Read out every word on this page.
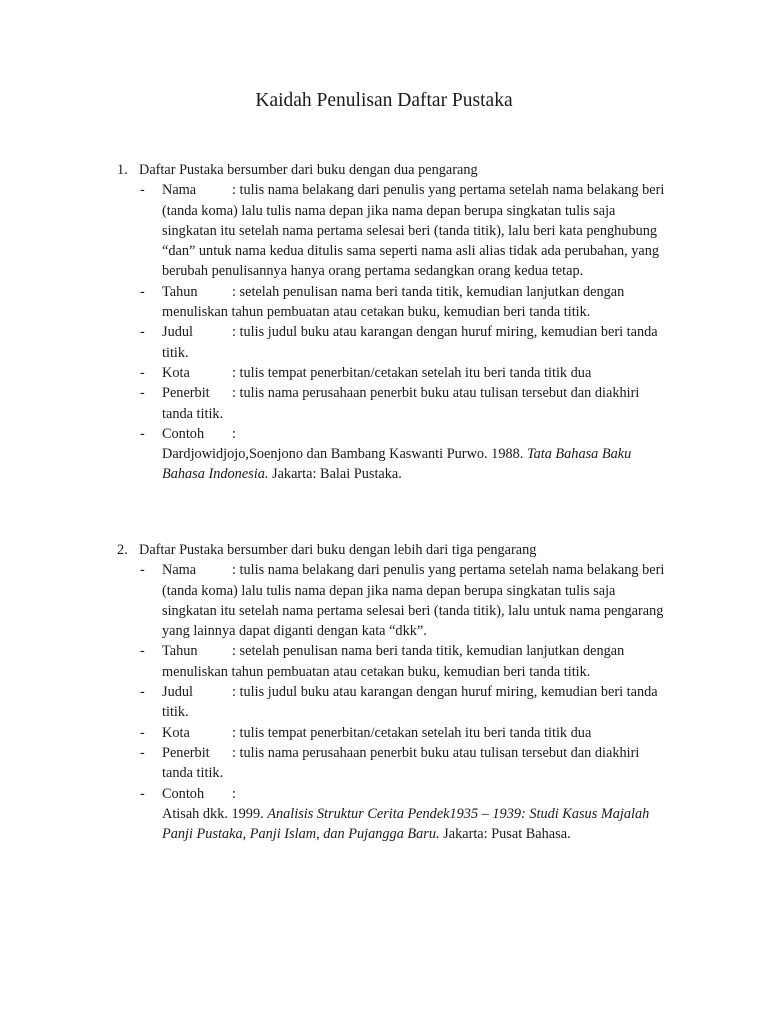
Kaidah Penulisan Daftar Pustaka
1. Daftar Pustaka bersumber dari buku dengan dua pengarang
- Nama	: tulis nama belakang dari penulis yang pertama setelah nama belakang beri (tanda koma) lalu tulis nama depan jika nama depan berupa singkatan tulis saja singkatan itu setelah nama pertama selesai beri (tanda titik), lalu beri kata penghubung “dan” untuk nama kedua ditulis sama seperti nama asli alias tidak ada perubahan, yang berubah penulisannya hanya orang pertama sedangkan orang kedua tetap.
- Tahun : setelah penulisan nama beri tanda titik, kemudian lanjutkan dengan menuliskan tahun pembuatan atau cetakan buku, kemudian beri tanda titik.
- Judul	: tulis judul buku atau karangan dengan huruf miring, kemudian beri tanda titik.
- Kota	: tulis tempat penerbitan/cetakan setelah itu beri tanda titik dua
- Penerbit : tulis nama perusahaan penerbit buku atau tulisan tersebut dan diakhiri tanda titik.
- Contoh :
Dardjowidjojo,Soenjono dan Bambang Kaswanti Purwo. 1988. Tata Bahasa Baku Bahasa Indonesia. Jakarta: Balai Pustaka.
2. Daftar Pustaka bersumber dari buku dengan lebih dari tiga pengarang
- Nama	: tulis nama belakang dari penulis yang pertama setelah nama belakang beri (tanda koma) lalu tulis nama depan jika nama depan berupa singkatan tulis saja singkatan itu setelah nama pertama selesai beri (tanda titik), lalu untuk nama pengarang yang lainnya dapat diganti dengan kata “dkk”.
- Tahun : setelah penulisan nama beri tanda titik, kemudian lanjutkan dengan menuliskan tahun pembuatan atau cetakan buku, kemudian beri tanda titik.
- Judul	: tulis judul buku atau karangan dengan huruf miring, kemudian beri tanda titik.
- Kota	: tulis tempat penerbitan/cetakan setelah itu beri tanda titik dua
- Penerbit : tulis nama perusahaan penerbit buku atau tulisan tersebut dan diakhiri tanda titik.
- Contoh :
Atisah dkk. 1999. Analisis Struktur Cerita Pendek1935 – 1939: Studi Kasus Majalah Panji Pustaka, Panji Islam, dan Pujangga Baru. Jakarta: Pusat Bahasa.
